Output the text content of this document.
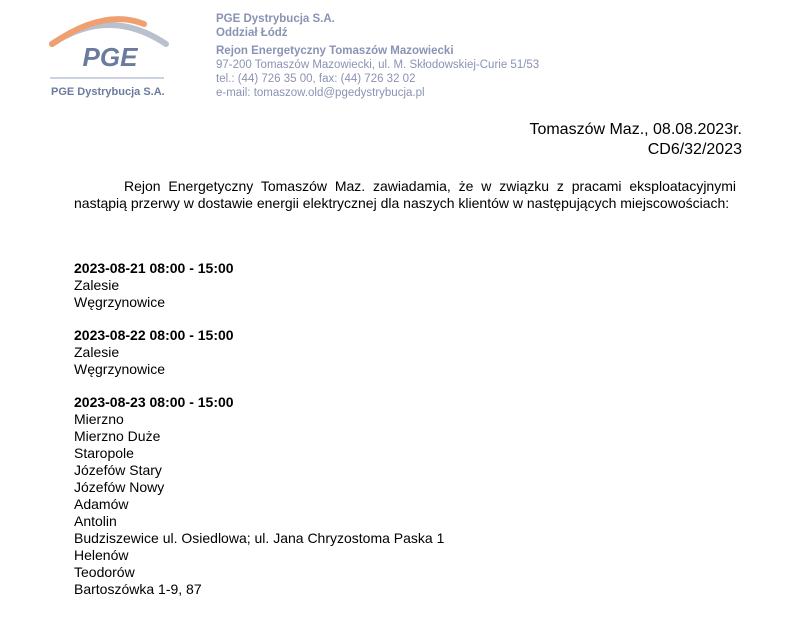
PGE
PGE Dystrybucja S.A.
PGE Dystrybucja S.A.
Oddział Łódź
Rejon Energetyczny Tomaszów Mazowiecki
97-200 Tomaszów Mazowiecki, ul. M. Skłodowskiej-Curie 51/53
tel.: (44) 726 35 00, fax: (44) 726 32 02
e-mail: tomaszow.old@pgedystrybucja.pl
Tomaszów Maz., 08.08.2023r.
CD6/32/2023
Rejon Energetyczny Tomaszów Maz. zawiadamia, że w związku z pracami eksploatacyjnymi nastąpią przerwy w dostawie energii elektrycznej dla naszych klientów w następujących miejscowościach:
2023-08-21 08:00 - 15:00
Zalesie
Węgrzynowice
2023-08-22 08:00 - 15:00
Zalesie
Węgrzynowice
2023-08-23 08:00 - 15:00
Mierzno
Mierzno Duże
Staropole
Józefów Stary
Józefów Nowy
Adamów
Antolin
Budziszewice ul. Osiedlowa; ul. Jana Chryzostoma Paska 1
Helenów
Teodorów
Bartoszówka 1-9, 87
